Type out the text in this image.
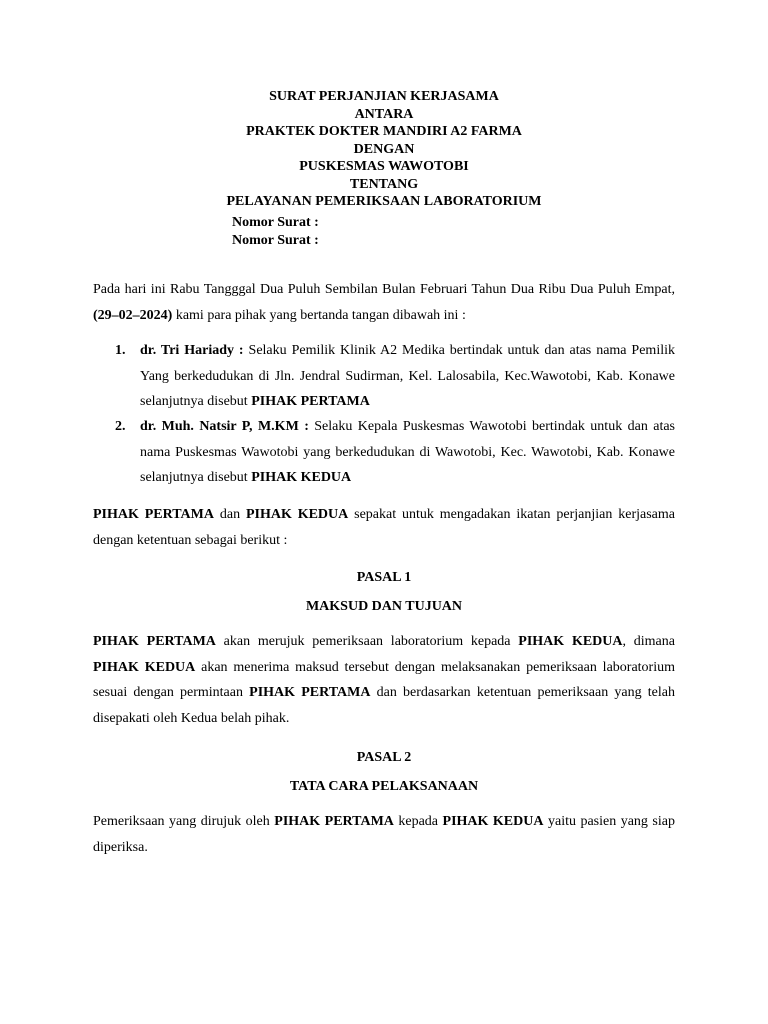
SURAT PERJANJIAN KERJASAMA
ANTARA
PRAKTEK DOKTER MANDIRI A2 FARMA
DENGAN
PUSKESMAS WAWOTOBI
TENTANG
PELAYANAN PEMERIKSAAN LABORATORIUM
Nomor Surat :
Nomor Surat :

Pada hari ini Rabu Tangggal Dua Puluh Sembilan Bulan Februari Tahun Dua Ribu Dua Puluh Empat, (29–02–2024) kami para pihak yang bertanda tangan dibawah ini :

1. dr. Tri Hariady : Selaku Pemilik Klinik A2 Medika bertindak untuk dan atas nama Pemilik Yang berkedudukan di Jln. Jendral Sudirman, Kel. Lalosabila, Kec.Wawotobi, Kab. Konawe selanjutnya disebut PIHAK PERTAMA
2. dr. Muh. Natsir P, M.KM : Selaku Kepala Puskesmas Wawotobi bertindak untuk dan atas nama Puskesmas Wawotobi yang berkedudukan di Wawotobi, Kec. Wawotobi, Kab. Konawe selanjutnya disebut PIHAK KEDUA

PIHAK PERTAMA dan PIHAK KEDUA sepakat untuk mengadakan ikatan perjanjian kerjasama dengan ketentuan sebagai berikut :

PASAL 1
MAKSUD DAN TUJUAN

PIHAK PERTAMA akan merujuk pemeriksaan laboratorium kepada PIHAK KEDUA, dimana PIHAK KEDUA akan menerima maksud tersebut dengan melaksanakan pemeriksaan laboratorium sesuai dengan permintaan PIHAK PERTAMA dan berdasarkan ketentuan pemeriksaan yang telah disepakati oleh Kedua belah pihak.

PASAL 2
TATA CARA PELAKSANAAN

Pemeriksaan yang dirujuk oleh PIHAK PERTAMA kepada PIHAK KEDUA yaitu pasien yang siap diperiksa.
